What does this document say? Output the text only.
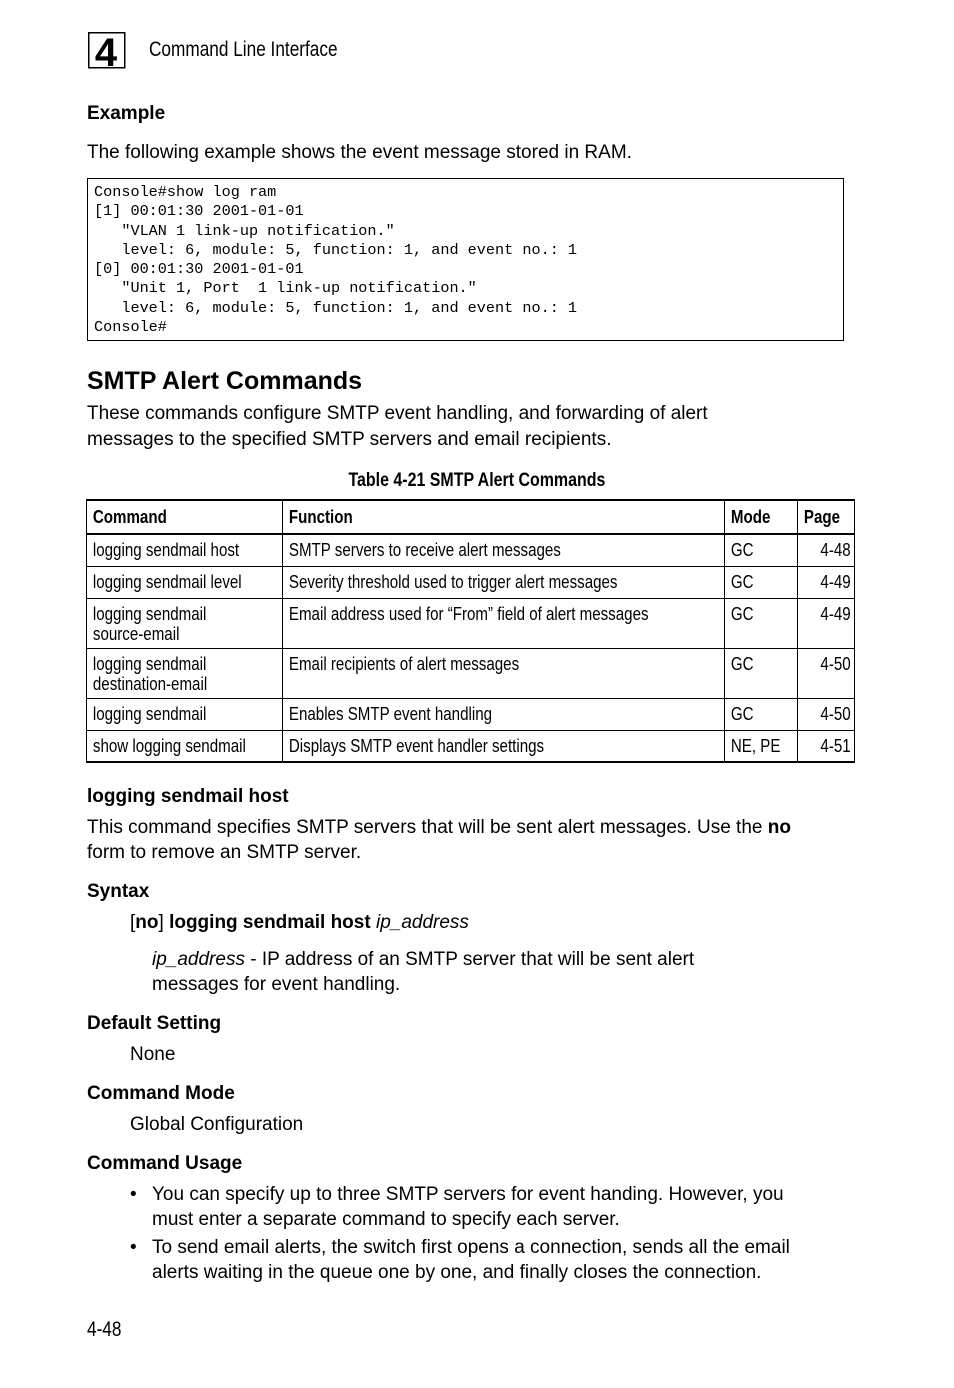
4 Command Line Interface
Example
The following example shows the event message stored in RAM.
Console#show log ram
[1] 00:01:30 2001-01-01
"VLAN 1 link-up notification."
level: 6, module: 5, function: 1, and event no.: 1
[0] 00:01:30 2001-01-01
"Unit 1, Port  1 link-up notification."
level: 6, module: 5, function: 1, and event no.: 1
Console#
SMTP Alert Commands
These commands configure SMTP event handling, and forwarding of alert
messages to the specified SMTP servers and email recipients.
Table 4-21 SMTP Alert Commands
Command	Function	Mode	Page

logging sendmail host	SMTP servers to receive alert messages	GC	4-48

logging sendmail level	Severity threshold used to trigger alert messages	GC	4-49

logging sendmail
source-email	Email address used for “From” field of alert messages	GC	4-49

logging sendmail
destination-email	Email recipients of alert messages	GC	4-50

logging sendmail	Enables SMTP event handling	GC	4-50

show logging sendmail	Displays SMTP event handler settings	NE, PE	4-51
logging sendmail host
This command specifies SMTP servers that will be sent alert messages. Use the no
form to remove an SMTP server.
Syntax
[no] logging sendmail host ip_address
ip_address - IP address of an SMTP server that will be sent alert
messages for event handling.
Default Setting
None
Command Mode
Global Configuration
Command Usage
• You can specify up to three SMTP servers for event handing. However, you
must enter a separate command to specify each server.
• To send email alerts, the switch first opens a connection, sends all the email
alerts waiting in the queue one by one, and finally closes the connection.
4-48
